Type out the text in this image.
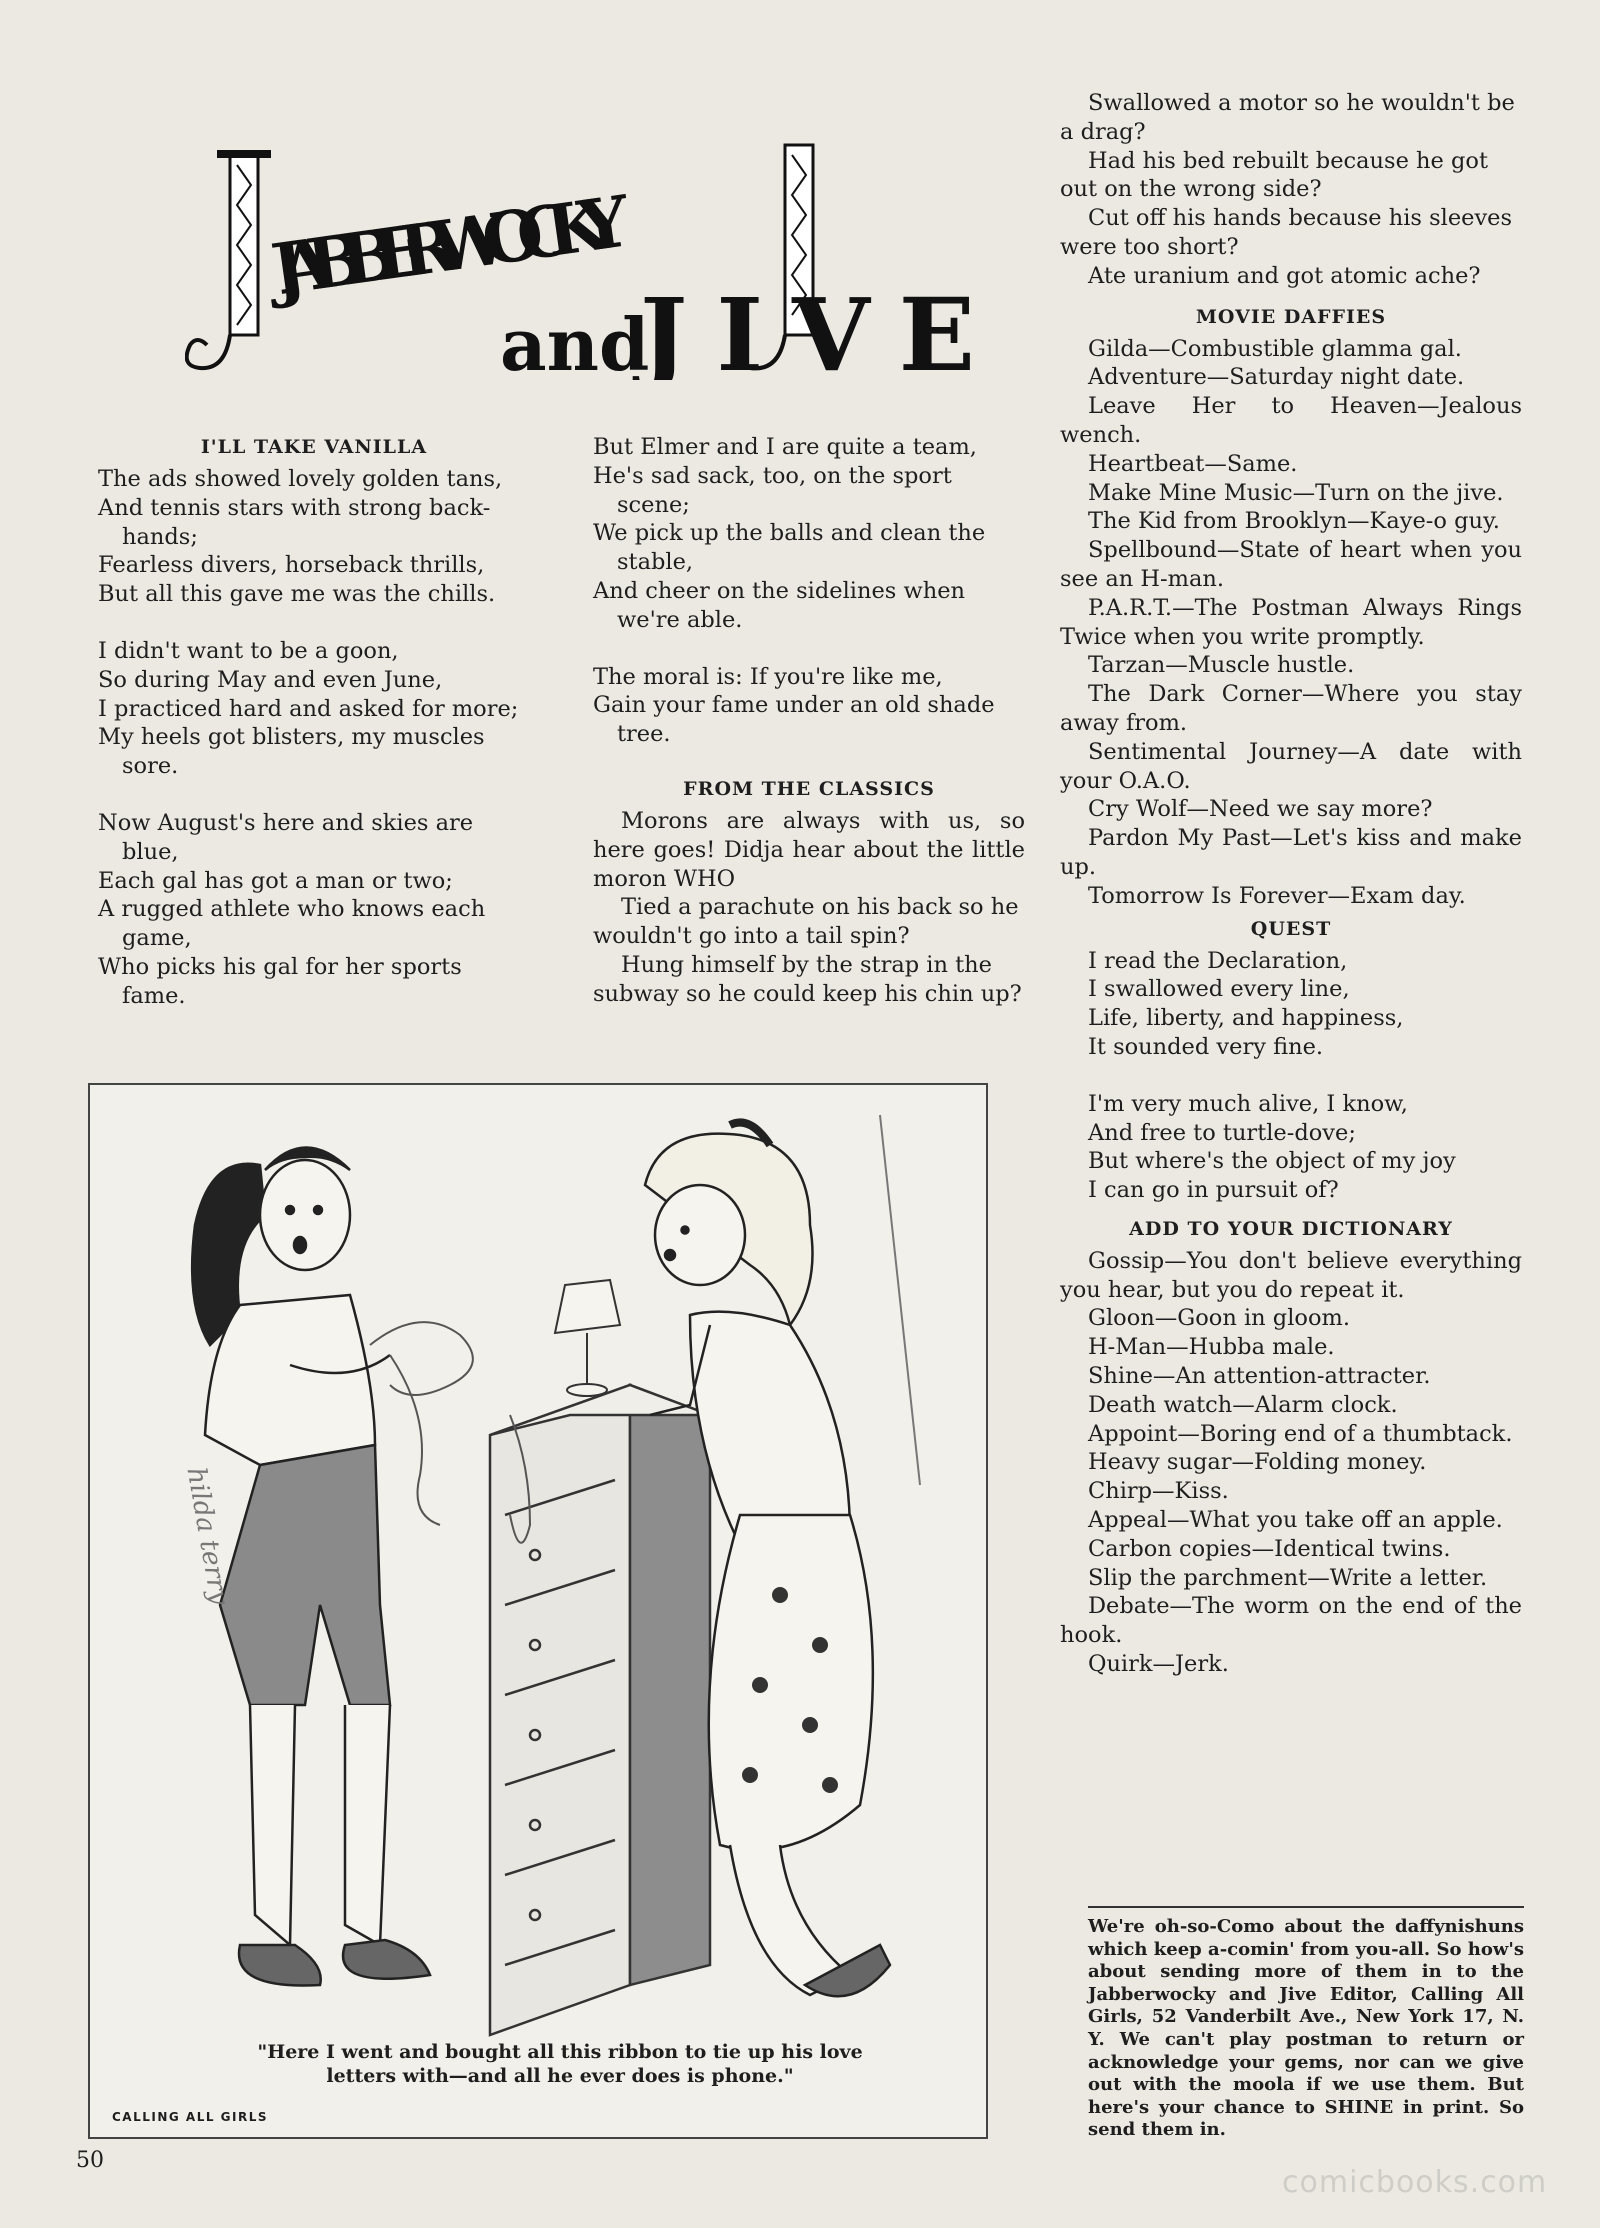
JABBERWOCKY
and
JIVE
I'LL TAKE VANILLA
The ads showed lovely golden tans,
And tennis stars with strong back-hands;
Fearless divers, horseback thrills,
But all this gave me was the chills.
I didn't want to be a goon,
So during May and even June,
I practiced hard and asked for more;
My heels got blisters, my muscles sore.
Now August's here and skies are blue,
Each gal has got a man or two;
A rugged athlete who knows each game,
Who picks his gal for her sports fame.
But Elmer and I are quite a team,
He's sad sack, too, on the sport scene;
We pick up the balls and clean the stable,
And cheer on the sidelines when we're able.
The moral is: If you're like me,
Gain your fame under an old shade tree.
FROM THE CLASSICS
Morons are always with us, so here goes! Didja hear about the little moron WHO
Tied a parachute on his back so he wouldn't go into a tail spin?
Hung himself by the strap in the subway so he could keep his chin up?
Swallowed a motor so he wouldn't be a drag?
Had his bed rebuilt because he got out on the wrong side?
Cut off his hands because his sleeves were too short?
Ate uranium and got atomic ache?
MOVIE DAFFIES
Gilda—Combustible glamma gal.
Adventure—Saturday night date.
Leave Her to Heaven—Jealous wench.
Heartbeat—Same.
Make Mine Music—Turn on the jive.
The Kid from Brooklyn—Kaye-o guy.
Spellbound—State of heart when you see an H-man.
P.A.R.T.—The Postman Always Rings Twice when you write promptly.
Tarzan—Muscle hustle.
The Dark Corner—Where you stay away from.
Sentimental Journey—A date with your O.A.O.
Cry Wolf—Need we say more?
Pardon My Past—Let's kiss and make up.
Tomorrow Is Forever—Exam day.
QUEST
I read the Declaration,
I swallowed every line,
Life, liberty, and happiness,
It sounded very fine.
I'm very much alive, I know,
And free to turtle-dove;
But where's the object of my joy
I can go in pursuit of?
ADD TO YOUR DICTIONARY
Gossip—You don't believe everything you hear, but you do repeat it.
Gloon—Goon in gloom.
H-Man—Hubba male.
Shine—An attention-attracter.
Death watch—Alarm clock.
Appoint—Boring end of a thumbtack.
Heavy sugar—Folding money.
Chirp—Kiss.
Appeal—What you take off an apple.
Carbon copies—Identical twins.
Slip the parchment—Write a letter.
Debate—The worm on the end of the hook.
Quirk—Jerk.
hilda terry
"Here I went and bought all this ribbon to tie up his love letters with—and all he ever does is phone."
CALLING ALL GIRLS
We're oh-so-Como about the daffynishuns which keep a-comin' from you-all. So how's about sending more of them in to the Jabberwocky and Jive Editor, Calling All Girls, 52 Vanderbilt Ave., New York 17, N. Y. We can't play postman to return or acknowledge your gems, nor can we give out with the moola if we use them. But here's your chance to SHINE in print. So send them in.
50
comicbooks.com
